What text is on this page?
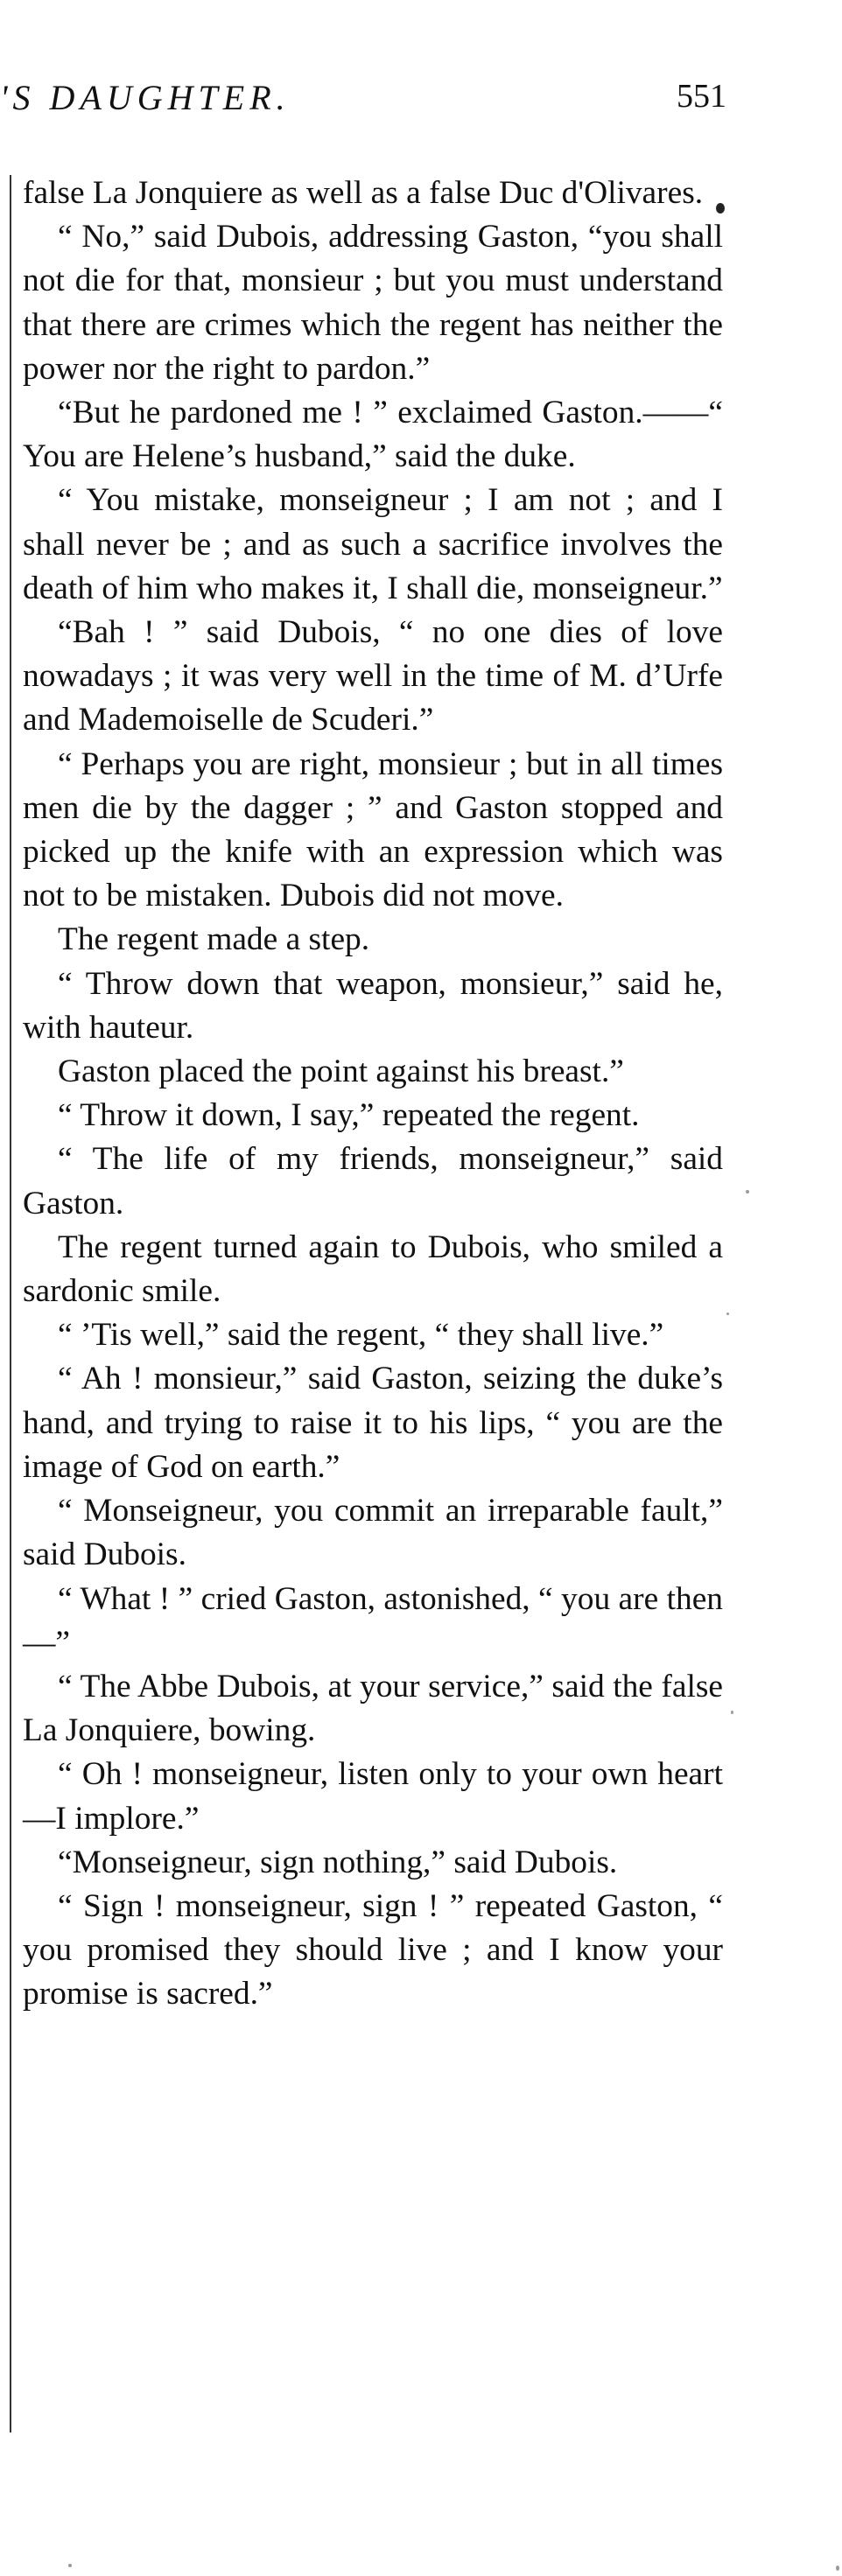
'S DAUGHTER.	551

false La Jonquiere as well as a false Duc d'Olivares.

“ No,” said Dubois, addressing Gaston, “you shall not die for that, monsieur ; but you must understand that there are crimes which the regent has neither the power nor the right to pardon.”

“But he pardoned me ! ” exclaimed Gaston.——“ You are Helene’s husband,” said the duke.

“ You mistake, monseigneur ; I am not ; and I shall never be ; and as such a sacrifice involves the death of him who makes it, I shall die, monseigneur.”

“Bah ! ” said Dubois, “ no one dies of love nowadays ; it was very well in the time of M. d’Urfe and Mademoiselle de Scuderi.”

“ Perhaps you are right, monsieur ; but in all times men die by the dagger ; ” and Gaston stopped and picked up the knife with an expression which was not to be mistaken. Dubois did not move.

The regent made a step.

“ Throw down that weapon, monsieur,” said he, with hauteur.

Gaston placed the point against his breast.”

“ Throw it down, I say,” repeated the regent.

“ The life of my friends, monseigneur,” said Gaston.

The regent turned again to Dubois, who smiled a sardonic smile.

“ ’Tis well,” said the regent, “ they shall live.”

“ Ah ! monsieur,” said Gaston, seizing the duke’s hand, and trying to raise it to his lips, “ you are the image of God on earth.”

“ Monseigneur, you commit an irreparable fault,” said Dubois.

“ What ! ” cried Gaston, astonished, “ you are then—”

“ The Abbe Dubois, at your service,” said the false La Jonquiere, bowing.

“ Oh ! monseigneur, listen only to your own heart—I implore.”

“Monseigneur, sign nothing,” said Dubois.

“ Sign ! monseigneur, sign ! ” repeated Gaston, “ you promised they should live ; and I know your promise is sacred.”
